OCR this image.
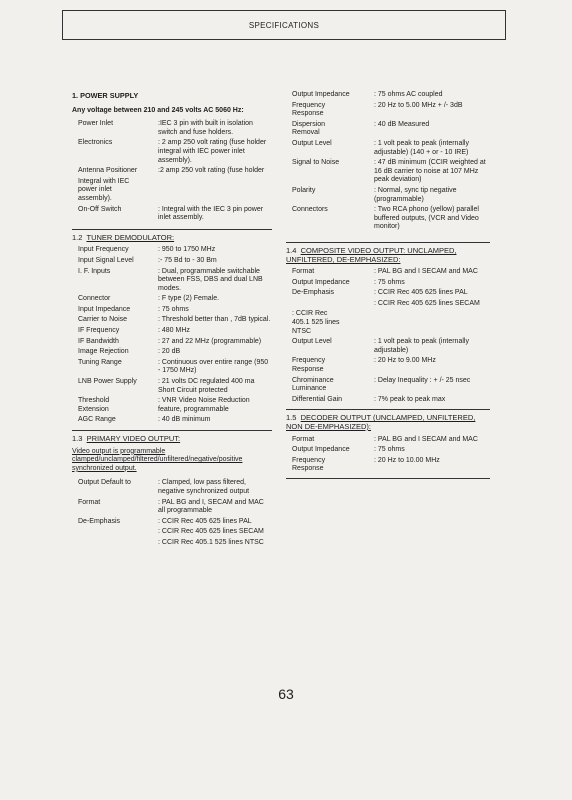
SPECIFICATIONS
1. POWER SUPPLY
Any voltage between 210 and 245 volts AC 5060 Hz:
Power Inlet	:IEC 3 pin with built in isolation switch and fuse holders.
Electronics	: 2 amp 250 volt rating (fuse holder integral with IEC power inlet assembly).
Antenna Positioner	:2 amp 250 volt rating (fuse holder
Integral with IEC
power inlet
assembly).
On-Off Switch	: Integral with the IEC 3 pin power inlet assembly.
1.2 TUNER DEMODULATOR:
Input Frequency	: 950 to 1750 MHz
Input Signal Level	:- 75 Bd to - 30 Bm
I. F. Inputs	: Dual, programmable switchable between FSS, DBS and dual LNB modes.
Connector	: F type (2) Female.
Input Impedance	: 75 ohms
Carrier to Noise	: Threshold better than , 7dB typical.
IF Frequency	: 480 MHz
IF Bandwidth	: 27 and 22 MHz (programmable)
Image Rejection	: 20 dB
Tuning Range	: Continuous over entire range (950 - 1750 MHz)
LNB Power Supply	: 21 volts DC regulated 400 ma Short Circuit protected
Threshold
Extension
: VNR Video Noise Reduction feature, programmable
AGC Range	: 40 dB minimum
1.3 PRIMARY VIDEO OUTPUT:
Video output is programmable
clamped/unclamped/filtered/unfiltered/negative/positive
synchronized output.
Output Default to	: Clamped, low pass filtered, negative synchronized output
Format	: PAL BG and I, SECAM and MAC all programmable
De-Emphasis	: CCIR Rec 405 625 lines PAL
: CCIR Rec 405 625 lines SECAM
: CCIR Rec 405.1 525 lines NTSC
Output Impedance	: 75 ohms AC coupled
Frequency
Response
: 20 Hz to 5.00 MHz + /- 3dB
Dispersion
Removal
: 40 dB Measured
Output Level	: 1 volt peak to peak (internally adjustable) (140 + or - 10 IRE)
Signal to Noise	: 47 dB minimum (CCIR weighted at 16 dB carrier to noise at 107 MHz peak deviation)
Polarity	: Normal, sync tip negative (programmable)
Connectors	: Two RCA phono (yellow) parallel buffered outputs, (VCR and Video monitor)
1.4 COMPOSITE VIDEO OUTPUT: UNCLAMPED, UNFILTERED, DE-EMPHASIZED:
Format	: PAL BG and I SECAM and MAC
Output Impedance	: 75 ohms
De-Emphasis	: CCIR Rec 405 625 lines PAL
: CCIR Rec 405 625 lines SECAM
: CCIR Rec
405.1 525 lines
NTSC
Output Level	: 1 volt peak to peak (internally adjustable)
Frequency
Response
: 20 Hz to 9.00 MHz
Chrominance
Luminance
: Delay Inequality : + /- 25 nsec
Differential Gain	: 7% peak to peak max
1.5 DECODER OUTPUT (UNCLAMPED, UNFILTERED, NON DE-EMPHASIZED):
Format	: PAL BG and I SECAM and MAC
Output Impedance	: 75 ohms
Frequency
Response
: 20 Hz to 10.00 MHz
63
